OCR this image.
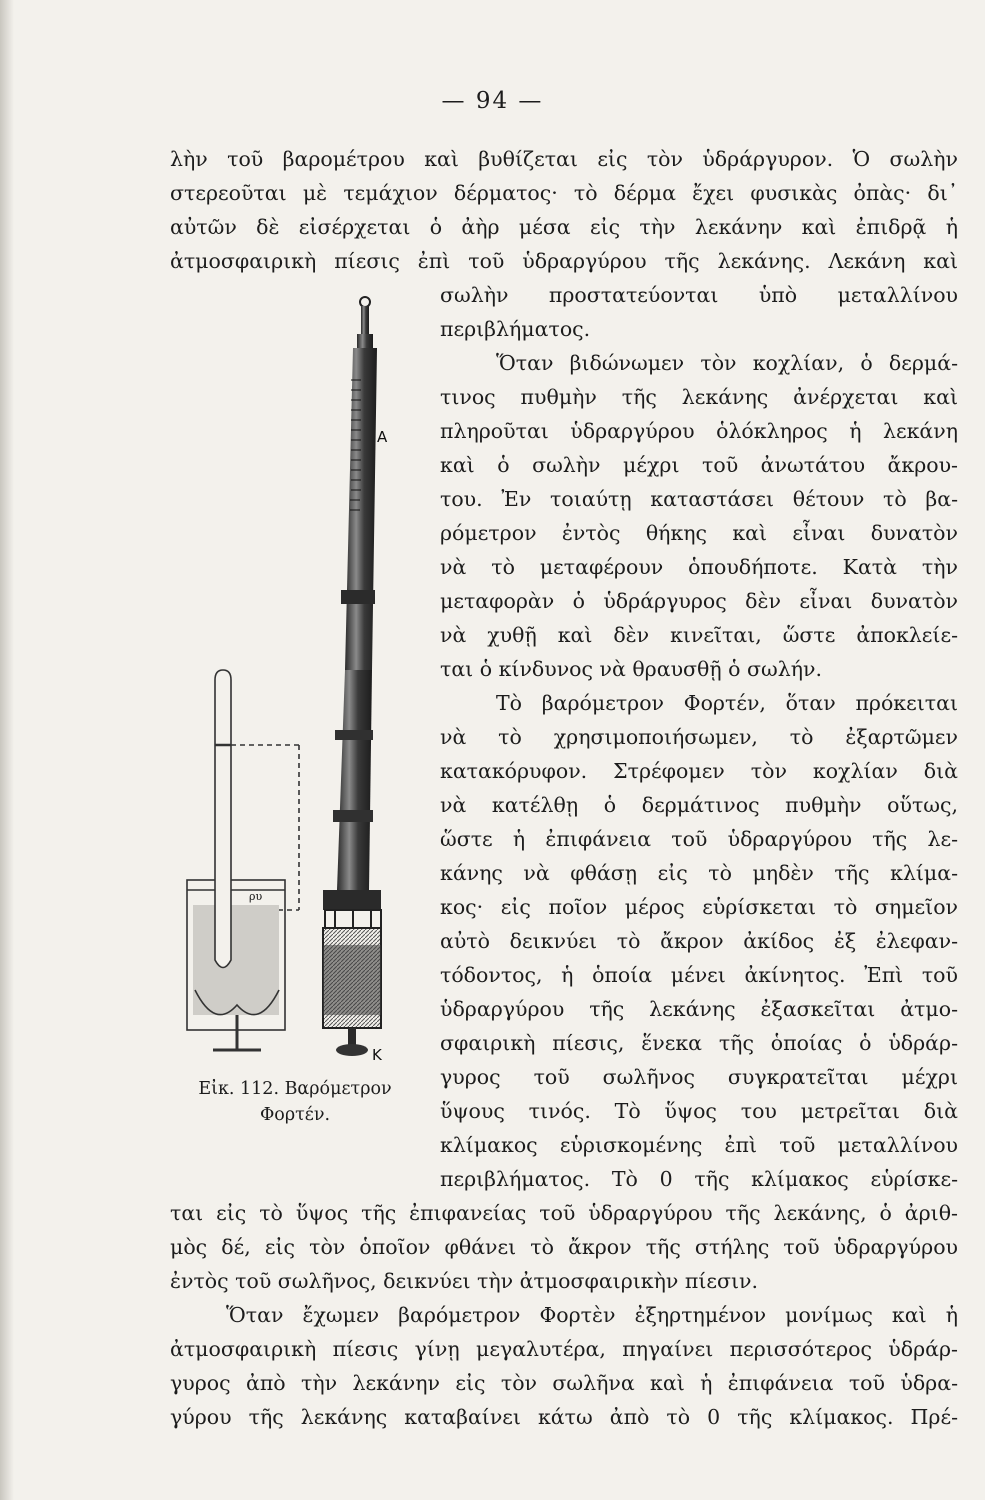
— 94 —
λὴν τοῦ βαρομέτρου καὶ βυθίζεται εἰς τὸν ὑδράργυρον. Ὁ σωλὴν
στερεοῦται μὲ τεμάχιον δέρματος· τὸ δέρμα ἔχει φυσικὰς ὀπὰς· δι᾿
αὐτῶν δὲ εἰσέρχεται ὁ ἀὴρ μέσα εἰς τὴν λεκάνην καὶ ἐπιδρᾷ ἡ
ἀτμοσφαιρικὴ πίεσις ἐπὶ τοῦ ὑδραργύρου τῆς λεκάνης. Λεκάνη καὶ
σωλὴν προστατεύονται ὑπὸ μεταλλίνου
περιβλήματος.
Ὅταν βιδώνωμεν τὸν κοχλίαν, ὁ δερμά-
τινος πυθμὴν τῆς λεκάνης ἀνέρχεται καὶ
πληροῦται ὑδραργύρου ὁλόκληρος ἡ λεκάνη
καὶ ὁ σωλὴν μέχρι τοῦ ἀνωτάτου ἄκρου-
του. Ἐν τοιαύτῃ καταστάσει θέτουν τὸ βα-
ρόμετρον ἐντὸς θήκης καὶ εἶναι δυνατὸν
νὰ τὸ μεταφέρουν ὁπουδήποτε. Κατὰ τὴν
μεταφορὰν ὁ ὑδράργυρος δὲν εἶναι δυνατὸν
νὰ χυθῇ καὶ δὲν κινεῖται, ὥστε ἀποκλείε-
ται ὁ κίνδυνος νὰ θραυσθῇ ὁ σωλήν.
Τὸ βαρόμετρον Φορτέν, ὅταν πρόκειται
νὰ τὸ χρησιμοποιήσωμεν, τὸ ἐξαρτῶμεν
κατακόρυφον. Στρέφομεν τὸν κοχλίαν διὰ
νὰ κατέλθῃ ὁ δερμάτινος πυθμὴν οὕτως,
ὥστε ἡ ἐπιφάνεια τοῦ ὑδραργύρου τῆς λε-
κάνης νὰ φθάσῃ εἰς τὸ μηδὲν τῆς κλίμα-
κος· εἰς ποῖον μέρος εὑρίσκεται τὸ σημεῖον
αὐτὸ δεικνύει τὸ ἄκρον ἀκίδος ἐξ ἐλεφαν-
τόδοντος, ἡ ὁποία μένει ἀκίνητος. Ἐπὶ τοῦ
ὑδραργύρου τῆς λεκάνης ἐξασκεῖται ἀτμο-
σφαιρικὴ πίεσις, ἕνεκα τῆς ὁποίας ὁ ὑδράρ-
γυρος τοῦ σωλῆνος συγκρατεῖται μέχρι
ὕψους τινός. Τὸ ὕψος του μετρεῖται διὰ
κλίμακος εὑρισκομένης ἐπὶ τοῦ μεταλλίνου
περιβλήματος. Τὸ 0 τῆς κλίμακος εὑρίσκε-
ται εἰς τὸ ὕψος τῆς ἐπιφανείας τοῦ ὑδραργύρου τῆς λεκάνης, ὁ ἀριθ-
μὸς δέ, εἰς τὸν ὁποῖον φθάνει τὸ ἄκρον τῆς στήλης τοῦ ὑδραργύρου
ἐντὸς τοῦ σωλῆνος, δεικνύει τὴν ἀτμοσφαιρικὴν πίεσιν.
Ὅταν ἔχωμεν βαρόμετρον Φορτὲν ἐξηρτημένον μονίμως καὶ ἡ
ἀτμοσφαιρικὴ πίεσις γίνῃ μεγαλυτέρα, πηγαίνει περισσότερος ὑδράρ-
γυρος ἀπὸ τὴν λεκάνην εἰς τὸν σωλῆνα καὶ ἡ ἐπιφάνεια τοῦ ὑδρα-
γύρου τῆς λεκάνης καταβαίνει κάτω ἀπὸ τὸ 0 τῆς κλίμακος. Πρέ-
A
K
ρυ
Εἰκ. 112. Βαρόμετρον
Φορτέν.
